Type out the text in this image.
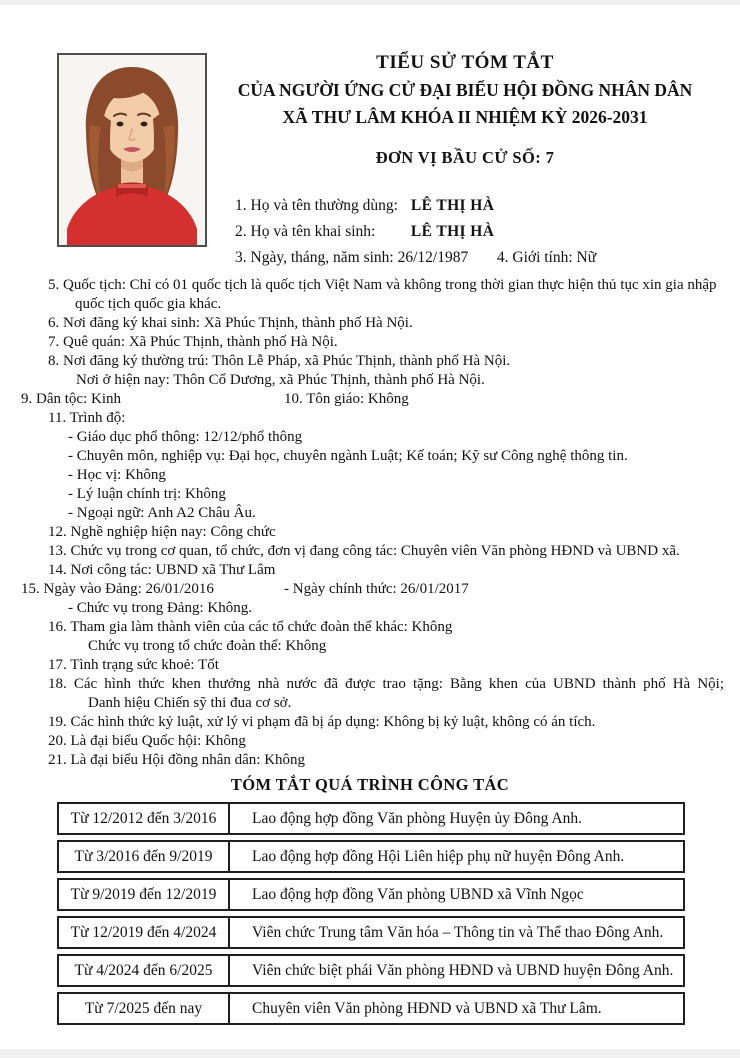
TIỂU SỬ TÓM TẮT
CỦA NGƯỜI ỨNG CỬ ĐẠI BIỂU HỘI ĐỒNG NHÂN DÂN
XÃ THƯ LÂM KHÓA II NHIỆM KỲ 2026-2031
ĐƠN VỊ BẦU CỬ SỐ: 7
1. Họ và tên thường dùng: LÊ THỊ HÀ
2. Họ và tên khai sinh: LÊ THỊ HÀ
3. Ngày, tháng, năm sinh: 26/12/1987 4. Giới tính: Nữ
5. Quốc tịch: Chỉ có 01 quốc tịch là quốc tịch Việt Nam và không trong thời gian thực hiện thủ tục xin gia nhập quốc tịch quốc gia khác.
6. Nơi đăng ký khai sinh: Xã Phúc Thịnh, thành phố Hà Nội.
7. Quê quán: Xã Phúc Thịnh, thành phố Hà Nội.
8. Nơi đăng ký thường trú: Thôn Lễ Pháp, xã Phúc Thịnh, thành phố Hà Nội.
Nơi ở hiện nay: Thôn Cổ Dương, xã Phúc Thịnh, thành phố Hà Nội.
9. Dân tộc: Kinh	10. Tôn giáo: Không
11. Trình độ:
- Giáo dục phổ thông: 12/12/phổ thông
- Chuyên môn, nghiệp vụ: Đại học, chuyên ngành Luật; Kế toán; Kỹ sư Công nghệ thông tin.
- Học vị: Không
- Lý luận chính trị: Không
- Ngoại ngữ: Anh A2 Châu Âu.
12. Nghề nghiệp hiện nay: Công chức
13. Chức vụ trong cơ quan, tổ chức, đơn vị đang công tác: Chuyên viên Văn phòng HĐND và UBND xã.
14. Nơi công tác: UBND xã Thư Lâm
15. Ngày vào Đảng: 26/01/2016	- Ngày chính thức: 26/01/2017
- Chức vụ trong Đảng: Không.
16. Tham gia làm thành viên của các tổ chức đoàn thể khác: Không
Chức vụ trong tổ chức đoàn thể: Không
17. Tình trạng sức khoẻ: Tốt
18. Các hình thức khen thưởng nhà nước đã được trao tặng: Bằng khen của UBND thành phố Hà Nội;
Danh hiệu Chiến sỹ thi đua cơ sở.
19. Các hình thức kỷ luật, xử lý vi phạm đã bị áp dụng: Không bị kỷ luật, không có án tích.
20. Là đại biểu Quốc hội: Không
21. Là đại biểu Hội đồng nhân dân: Không
TÓM TẮT QUÁ TRÌNH CÔNG TÁC
Từ 12/2012 đến 3/2016	Lao động hợp đồng Văn phòng Huyện ủy Đông Anh.
Từ 3/2016 đến 9/2019	Lao động hợp đồng Hội Liên hiệp phụ nữ huyện Đông Anh.
Từ 9/2019 đến 12/2019	Lao động hợp đồng Văn phòng UBND xã Vĩnh Ngọc
Từ 12/2019 đến 4/2024	Viên chức Trung tâm Văn hóa – Thông tin và Thể thao Đông Anh.
Từ 4/2024 đến 6/2025	Viên chức biệt phái Văn phòng HĐND và UBND huyện Đông Anh.
Từ 7/2025 đến nay	Chuyên viên Văn phòng HĐND và UBND xã Thư Lâm.
